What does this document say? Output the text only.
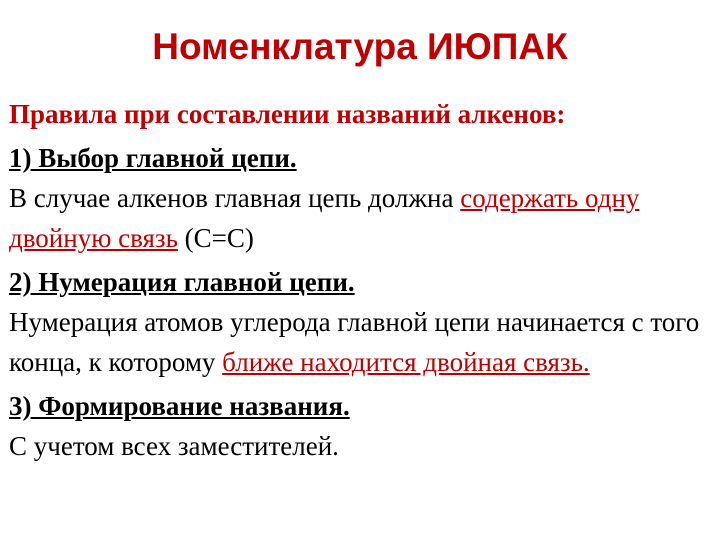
Номенклатура ИЮПАК

Правила при составлении названий алкенов:

1) Выбор главной цепи.

В случае алкенов главная цепь должна содержать одну двойную связь (С=С)

2) Нумерация главной цепи.

Нумерация атомов углерода главной цепи начинается с того конца, к которому ближе находится двойная связь.

3) Формирование названия.

С учетом всех заместителей.
